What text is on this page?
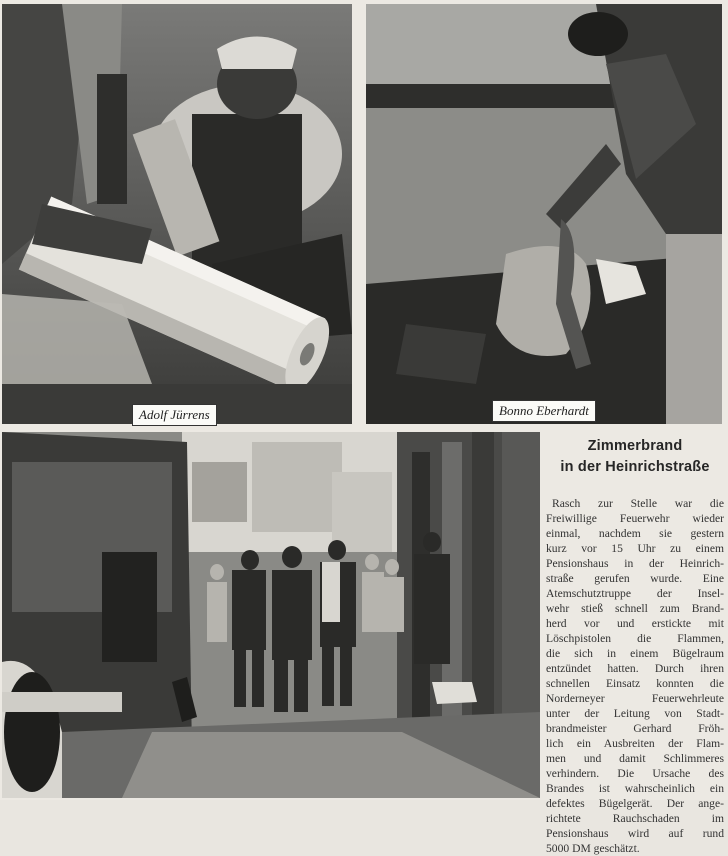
Adolf Jürrens	Bonno Eberhardt

Zimmerbrand
in der Heinrichstraße

Rasch zur Stelle war die
Freiwillige Feuerwehr wieder
einmal, nachdem sie gestern
kurz vor 15 Uhr zu einem
Pensionshaus in der Heinrich-
straße gerufen wurde. Eine
Atemschutztruppe der Insel-
wehr stieß schnell zum Brand-
herd vor und erstickte mit
Löschpistolen die Flammen,
die sich in einem Bügelraum
entzündet hatten. Durch ihren
schnellen Einsatz konnten die
Norderneyer Feuerwehrleute
unter der Leitung von Stadt-
brandmeister Gerhard Fröh-
lich ein Ausbreiten der Flam-
men und damit Schlimmeres
verhindern. Die Ursache des
Brandes ist wahrscheinlich ein
defektes Bügelgerät. Der ange-
richtete Rauchschaden im
Pensionshaus wird auf rund
5000 DM geschätzt.
